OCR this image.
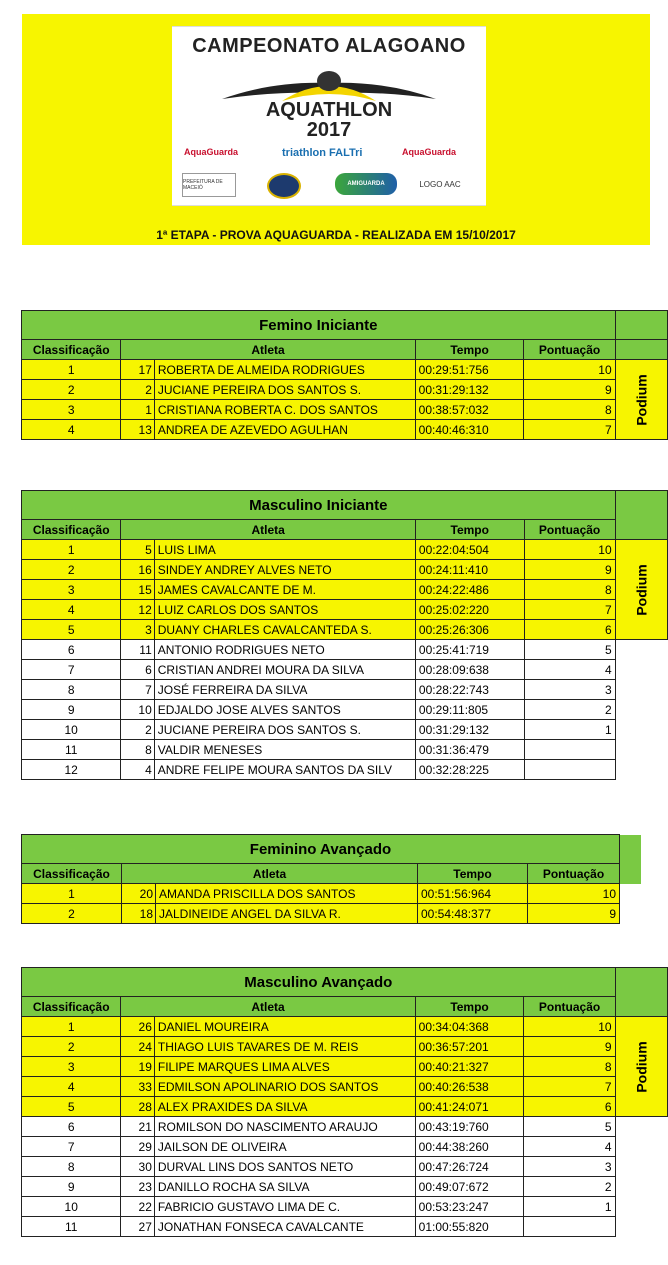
CAMPEONATO ALAGOANO
AQUATHLON
2017
AquaGuarda	triathlon FALTri	AquaGuarda
PREFEITURA DE MACEIÓ
AMIGUARDA	LOGO AAC
1ª ETAPA - PROVA AQUAGUARDA - REALIZADA EM 15/10/2017
Femino Iniciante					
Classificação	Atleta		Tempo	Pontuação	
1	17	ROBERTA DE ALMEIDA RODRIGUES	00:29:51:756	10	Podium
2	2	JUCIANE PEREIRA DOS SANTOS S.	00:31:29:132	9	
3	1	CRISTIANA ROBERTA C. DOS SANTOS	00:38:57:032	8	
4	13	ANDREA DE AZEVEDO AGULHAN	00:40:46:310	7	
Masculino Iniciante					
Classificação	Atleta		Tempo	Pontuação	
1	5	LUIS LIMA	00:22:04:504	10	Podium
2	16	SINDEY ANDREY ALVES NETO	00:24:11:410	9	
3	15	JAMES CAVALCANTE DE M.	00:24:22:486	8	
4	12	LUIZ CARLOS DOS SANTOS	00:25:02:220	7	
5	3	DUANY CHARLES CAVALCANTEDA S.	00:25:26:306	6	
6	11	ANTONIO RODRIGUES NETO	00:25:41:719	5	
7	6	CRISTIAN ANDREI MOURA DA SILVA	00:28:09:638	4	
8	7	JOSÉ FERREIRA DA SILVA	00:28:22:743	3	
9	10	EDJALDO JOSE ALVES SANTOS	00:29:11:805	2	
10	2	JUCIANE PEREIRA DOS SANTOS S.	00:31:29:132	1	
11	8	VALDIR MENESES	00:31:36:479		
12	4	ANDRE FELIPE MOURA SANTOS DA SILV	00:32:28:225		
Feminino Avançado					
Classificação	Atleta		Tempo	Pontuação	
1	20	AMANDA PRISCILLA DOS SANTOS	00:51:56:964	10	
2	18	JALDINEIDE ANGEL DA SILVA R.	00:54:48:377	9	
Masculino Avançado					
Classificação	Atleta		Tempo	Pontuação	
1	26	DANIEL MOUREIRA	00:34:04:368	10	Podium
2	24	THIAGO LUIS TAVARES DE M. REIS	00:36:57:201	9	
3	19	FILIPE MARQUES LIMA ALVES	00:40:21:327	8	
4	33	EDMILSON APOLINARIO DOS SANTOS	00:40:26:538	7	
5	28	ALEX PRAXIDES DA SILVA	00:41:24:071	6	
6	21	ROMILSON DO NASCIMENTO ARAUJO	00:43:19:760	5	
7	29	JAILSON DE OLIVEIRA	00:44:38:260	4	
8	30	DURVAL LINS DOS SANTOS NETO	00:47:26:724	3	
9	23	DANILLO ROCHA SA SILVA	00:49:07:672	2	
10	22	FABRICIO GUSTAVO LIMA DE C.	00:53:23:247	1	
11	27	JONATHAN FONSECA CAVALCANTE	01:00:55:820		
